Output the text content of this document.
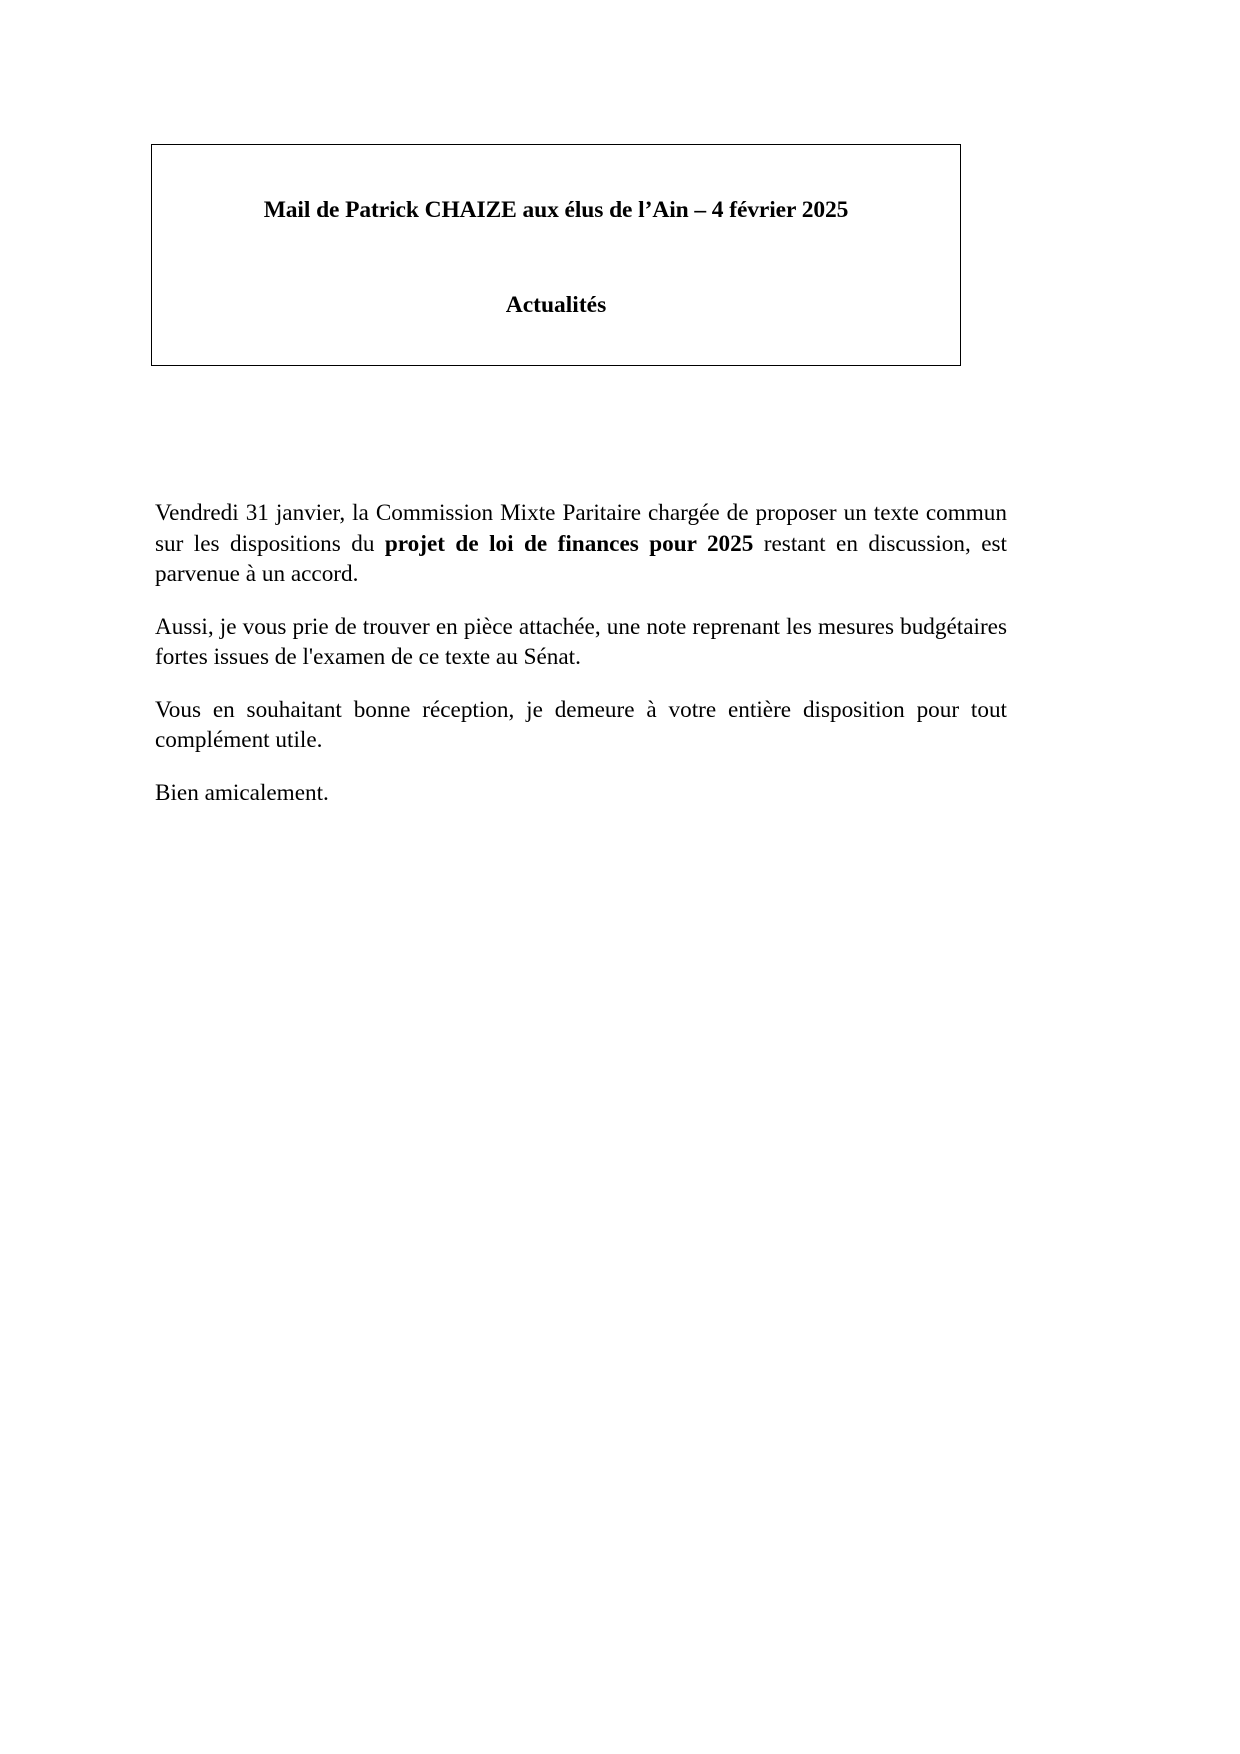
Mail de Patrick CHAIZE aux élus de l’Ain – 4 février 2025
Actualités

Vendredi 31 janvier, la Commission Mixte Paritaire chargée de proposer un texte commun sur les dispositions du projet de loi de finances pour 2025 restant en discussion, est parvenue à un accord.

Aussi, je vous prie de trouver en pièce attachée, une note reprenant les mesures budgétaires fortes issues de l'examen de ce texte au Sénat.

Vous en souhaitant bonne réception, je demeure à votre entière disposition pour tout complément utile.

Bien amicalement.
